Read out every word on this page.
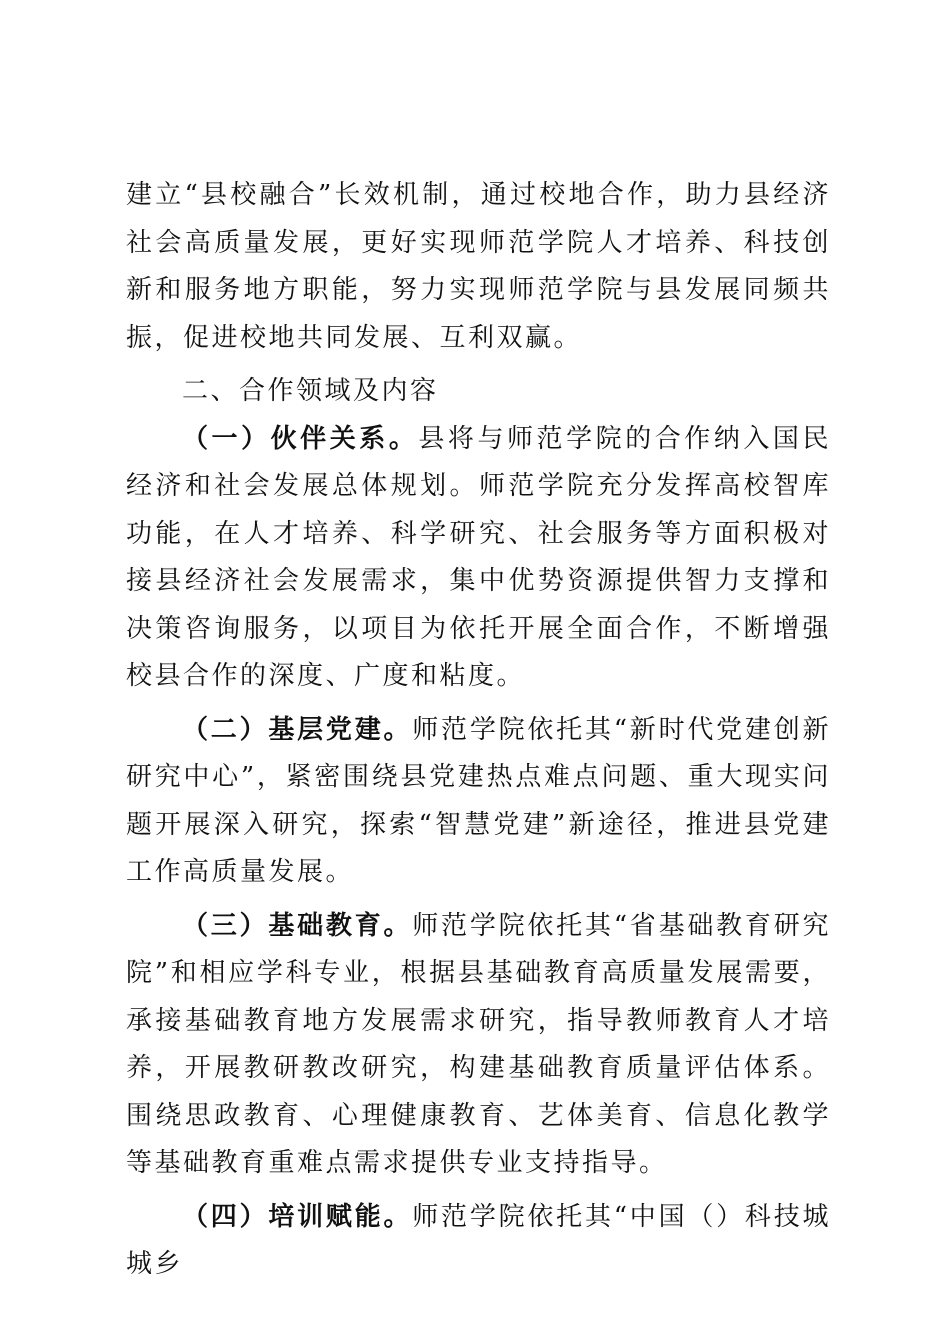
建立“县校融合”长效机制，通过校地合作，助力县经济社会高质量发展，更好实现师范学院人才培养、科技创新和服务地方职能，努力实现师范学院与县发展同频共振，促进校地共同发展、互利双赢。

二、合作领域及内容

（一）伙伴关系。县将与师范学院的合作纳入国民经济和社会发展总体规划。师范学院充分发挥高校智库功能，在人才培养、科学研究、社会服务等方面积极对接县经济社会发展需求，集中优势资源提供智力支撑和决策咨询服务，以项目为依托开展全面合作，不断增强校县合作的深度、广度和粘度。

（二）基层党建。师范学院依托其“新时代党建创新研究中心”，紧密围绕县党建热点难点问题、重大现实问题开展深入研究，探索“智慧党建”新途径，推进县党建工作高质量发展。

（三）基础教育。师范学院依托其“省基础教育研究院”和相应学科专业，根据县基础教育高质量发展需要，承接基础教育地方发展需求研究，指导教师教育人才培养，开展教研教改研究，构建基础教育质量评估体系。围绕思政教育、心理健康教育、艺体美育、信息化教学等基础教育重难点需求提供专业支持指导。

（四）培训赋能。师范学院依托其“中国（）科技城城乡
